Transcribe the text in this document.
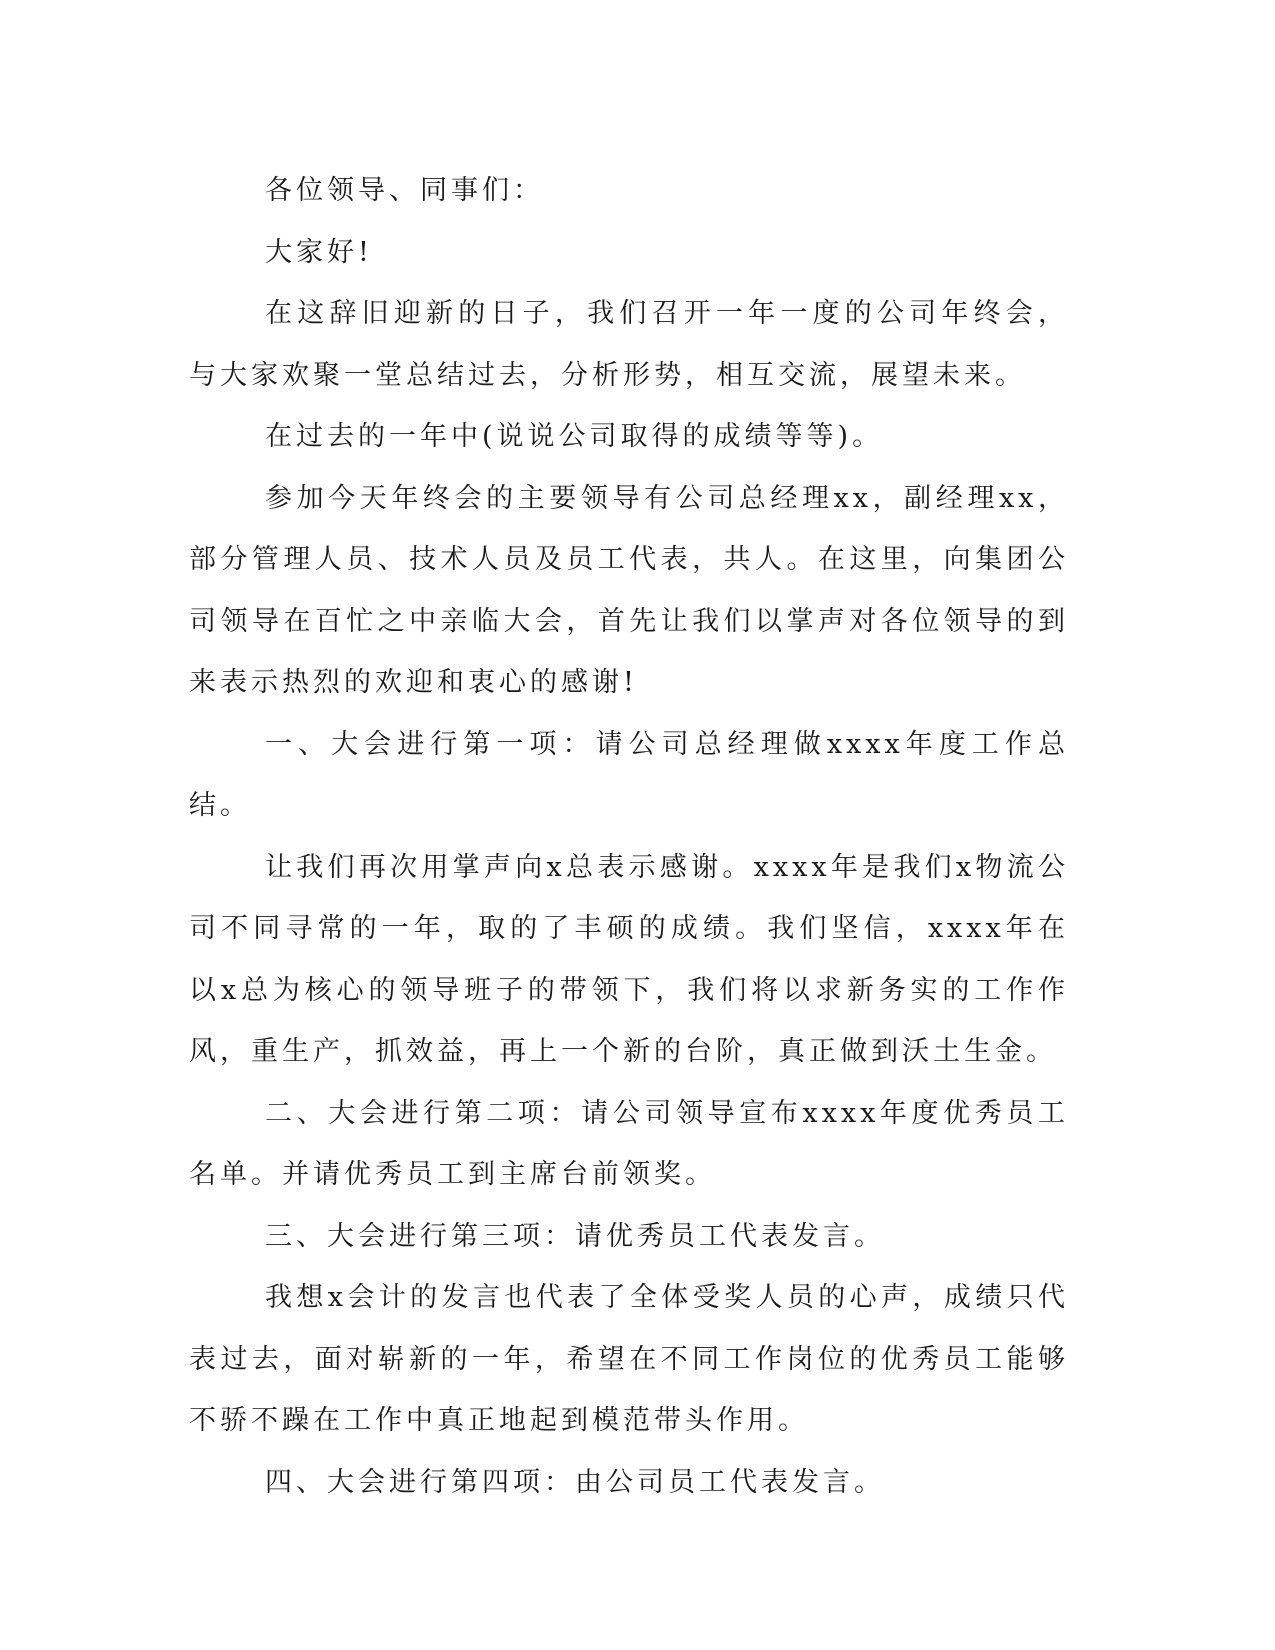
各位领导、同事们：

大家好!

在这辞旧迎新的日子，我们召开一年一度的公司年终会，与大家欢聚一堂总结过去，分析形势，相互交流，展望未来。

在过去的一年中(说说公司取得的成绩等等)。

参加今天年终会的主要领导有公司总经理xx，副经理xx，部分管理人员、技术人员及员工代表，共人。在这里，向集团公司领导在百忙之中亲临大会，首先让我们以掌声对各位领导的到来表示热烈的欢迎和衷心的感谢!

一、大会进行第一项：请公司总经理做xxxx年度工作总结。

让我们再次用掌声向x总表示感谢。xxxx年是我们x物流公司不同寻常的一年，取的了丰硕的成绩。我们坚信，xxxx年在以x总为核心的领导班子的带领下，我们将以求新务实的工作作风，重生产，抓效益，再上一个新的台阶，真正做到沃土生金。

二、大会进行第二项：请公司领导宣布xxxx年度优秀员工名单。并请优秀员工到主席台前领奖。

三、大会进行第三项：请优秀员工代表发言。

我想x会计的发言也代表了全体受奖人员的心声，成绩只代表过去，面对崭新的一年，希望在不同工作岗位的优秀员工能够不骄不躁在工作中真正地起到模范带头作用。

四、大会进行第四项：由公司员工代表发言。
